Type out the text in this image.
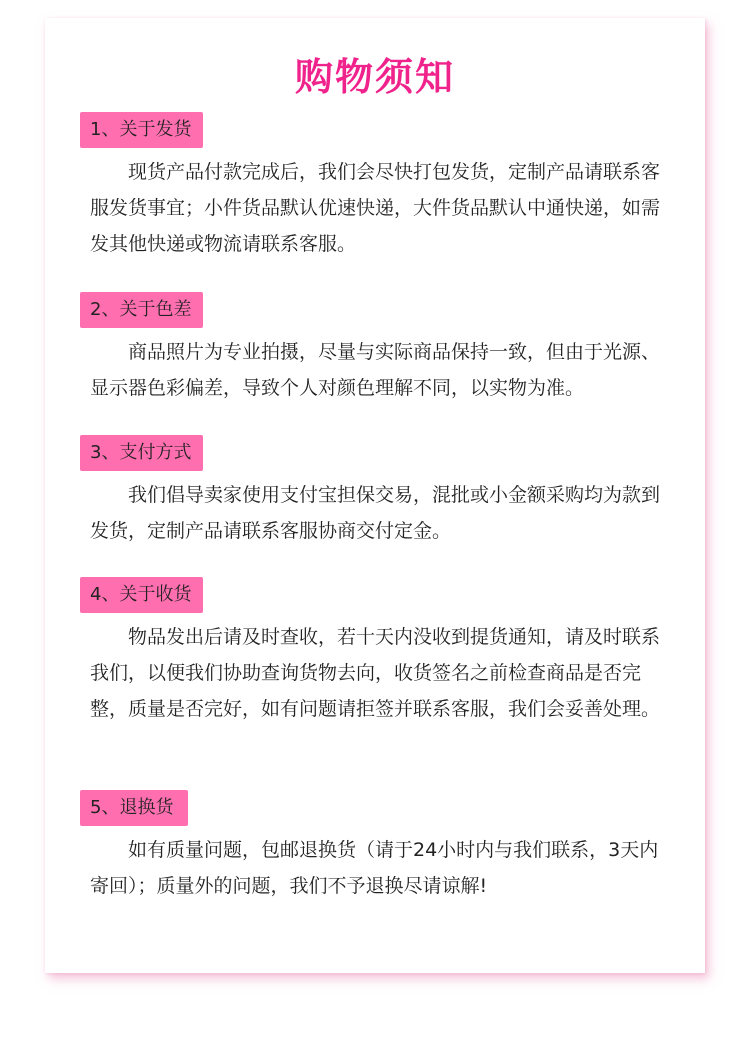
购物须知
1、关于发货
现货产品付款完成后，我们会尽快打包发货，定制产品请联系客服发货事宜；小件货品默认优速快递，大件货品默认中通快递，如需发其他快递或物流请联系客服。
2、关于色差
商品照片为专业拍摄，尽量与实际商品保持一致，但由于光源、显示器色彩偏差，导致个人对颜色理解不同，以实物为准。
3、支付方式
我们倡导卖家使用支付宝担保交易，混批或小金额采购均为款到发货，定制产品请联系客服协商交付定金。
4、关于收货
物品发出后请及时查收，若十天内没收到提货通知，请及时联系我们，以便我们协助查询货物去向，收货签名之前检查商品是否完整，质量是否完好，如有问题请拒签并联系客服，我们会妥善处理。
5、退换货
如有质量问题，包邮退换货（请于24小时内与我们联系，3天内寄回）；质量外的问题，我们不予退换尽请谅解!
